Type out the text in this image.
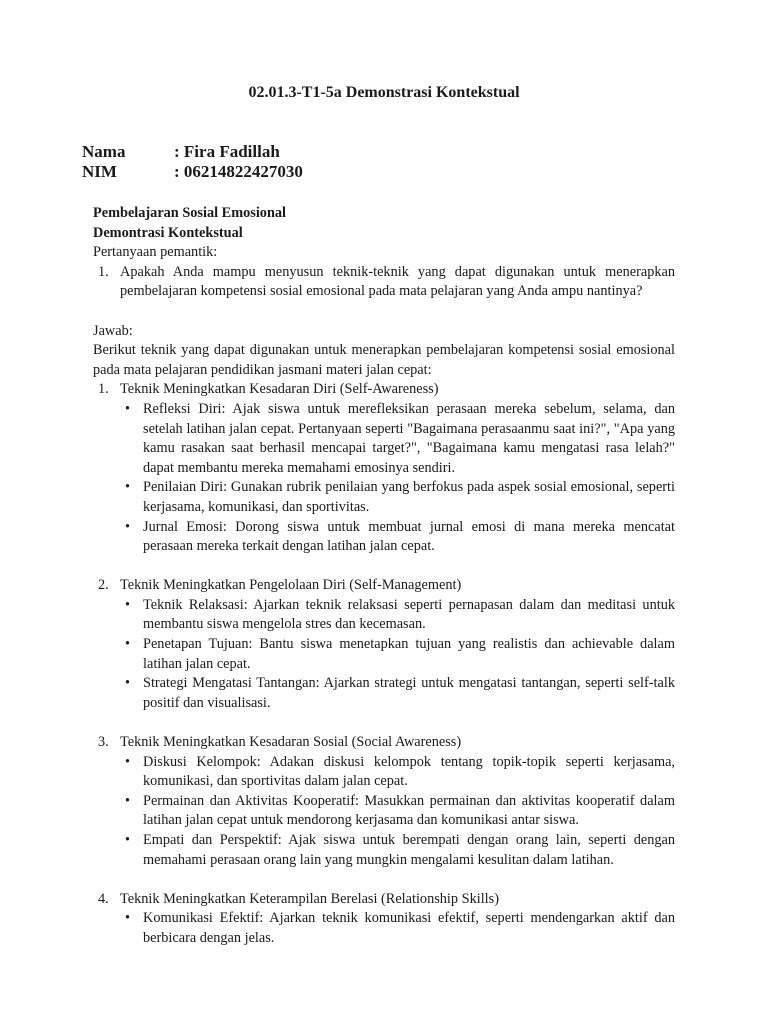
02.01.3-T1-5a Demonstrasi Kontekstual
Nama	: Fira Fadillah
NIM	: 06214822427030
Pembelajaran Sosial Emosional
Demontrasi Kontekstual
Pertanyaan pemantik:
1. Apakah Anda mampu menyusun teknik-teknik yang dapat digunakan untuk menerapkan pembelajaran kompetensi sosial emosional pada mata pelajaran yang Anda ampu nantinya?
Jawab:
Berikut teknik yang dapat digunakan untuk menerapkan pembelajaran kompetensi sosial emosional pada mata pelajaran pendidikan jasmani materi jalan cepat:
1. Teknik Meningkatkan Kesadaran Diri (Self-Awareness)
• Refleksi Diri: Ajak siswa untuk merefleksikan perasaan mereka sebelum, selama, dan setelah latihan jalan cepat. Pertanyaan seperti "Bagaimana perasaanmu saat ini?", "Apa yang kamu rasakan saat berhasil mencapai target?", "Bagaimana kamu mengatasi rasa lelah?" dapat membantu mereka memahami emosinya sendiri.
• Penilaian Diri: Gunakan rubrik penilaian yang berfokus pada aspek sosial emosional, seperti kerjasama, komunikasi, dan sportivitas.
• Jurnal Emosi: Dorong siswa untuk membuat jurnal emosi di mana mereka mencatat perasaan mereka terkait dengan latihan jalan cepat.
2. Teknik Meningkatkan Pengelolaan Diri (Self-Management)
• Teknik Relaksasi: Ajarkan teknik relaksasi seperti pernapasan dalam dan meditasi untuk membantu siswa mengelola stres dan kecemasan.
• Penetapan Tujuan: Bantu siswa menetapkan tujuan yang realistis dan achievable dalam latihan jalan cepat.
• Strategi Mengatasi Tantangan: Ajarkan strategi untuk mengatasi tantangan, seperti self-talk positif dan visualisasi.
3. Teknik Meningkatkan Kesadaran Sosial (Social Awareness)
• Diskusi Kelompok: Adakan diskusi kelompok tentang topik-topik seperti kerjasama, komunikasi, dan sportivitas dalam jalan cepat.
• Permainan dan Aktivitas Kooperatif: Masukkan permainan dan aktivitas kooperatif dalam latihan jalan cepat untuk mendorong kerjasama dan komunikasi antar siswa.
• Empati dan Perspektif: Ajak siswa untuk berempati dengan orang lain, seperti dengan memahami perasaan orang lain yang mungkin mengalami kesulitan dalam latihan.
4. Teknik Meningkatkan Keterampilan Berelasi (Relationship Skills)
• Komunikasi Efektif: Ajarkan teknik komunikasi efektif, seperti mendengarkan aktif dan berbicara dengan jelas.
